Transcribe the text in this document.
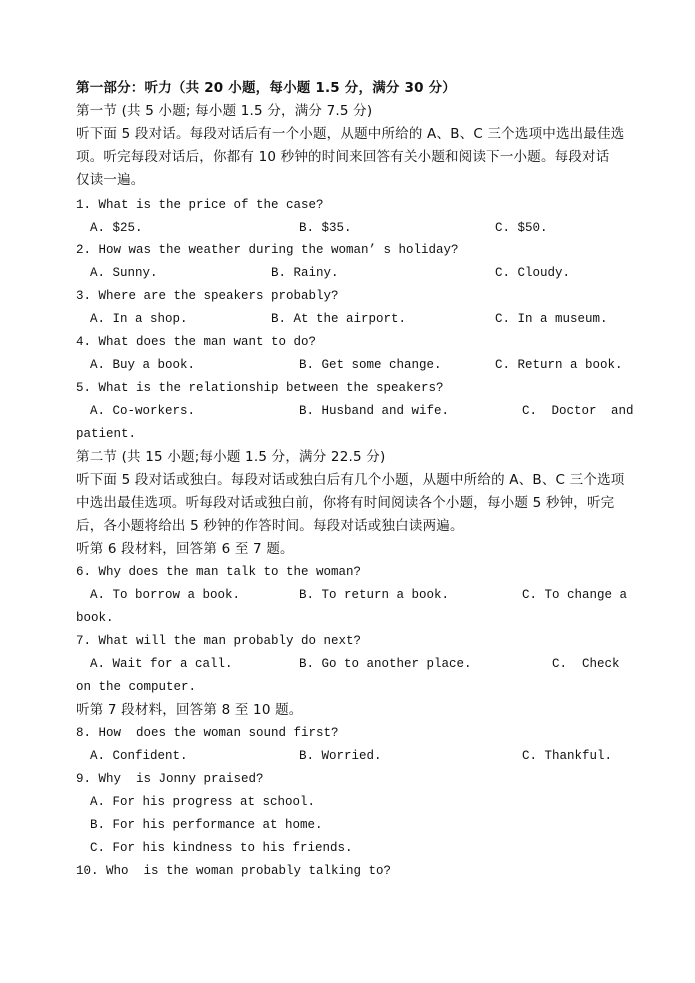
第一部分：听力（共 20 小题，每小题 1.5 分，满分 30 分）
第一节 (共 5 小题; 每小题 1.5 分，满分 7.5 分)
听下面 5 段对话。每段对话后有一个小题，从题中所给的 A、B、C 三个选项中选出最佳选
项。听完每段对话后，你都有 10 秒钟的时间来回答有关小题和阅读下一小题。每段对话
仅读一遍。
1. What is the price of the case?
A. $25.	B. $35.	C. $50.
2. How was the weather during the woman’ s holiday?
A. Sunny.	B. Rainy.	C. Cloudy.
3. Where are the speakers probably?
A. In a shop.	B. At the airport.	C. In a museum.
4. What does the man want to do?
A. Buy a book.	B. Get some change.	C. Return a book.
5. What is the relationship between the speakers?
A. Co-workers.	B. Husband and wife.	C. Doctor and
patient.
第二节 (共 15 小题;每小题 1.5 分，满分 22.5 分)
听下面 5 段对话或独白。每段对话或独白后有几个小题，从题中所给的 A、B、C 三个选项
中选出最佳选项。听每段对话或独白前，你将有时间阅读各个小题，每小题 5 秒钟，听完
后，各小题将给出 5 秒钟的作答时间。每段对话或独白读两遍。
听第 6 段材料，回答第 6 至 7 题。
6. Why does the man talk to the woman?
A. To borrow a book.	B. To return a book.	C. To change a
book.
7. What will the man probably do next?
A. Wait for a call.	B. Go to another place.	C.  Check
on the computer.
听第 7 段材料，回答第 8 至 10 题。
8. How  does the woman sound first?
A. Confident.	B. Worried.	C. Thankful.
9. Why  is Jonny praised?
A. For his progress at school.
B. For his performance at home.
C. For his kindness to his friends.
10. Who  is the woman probably talking to?
